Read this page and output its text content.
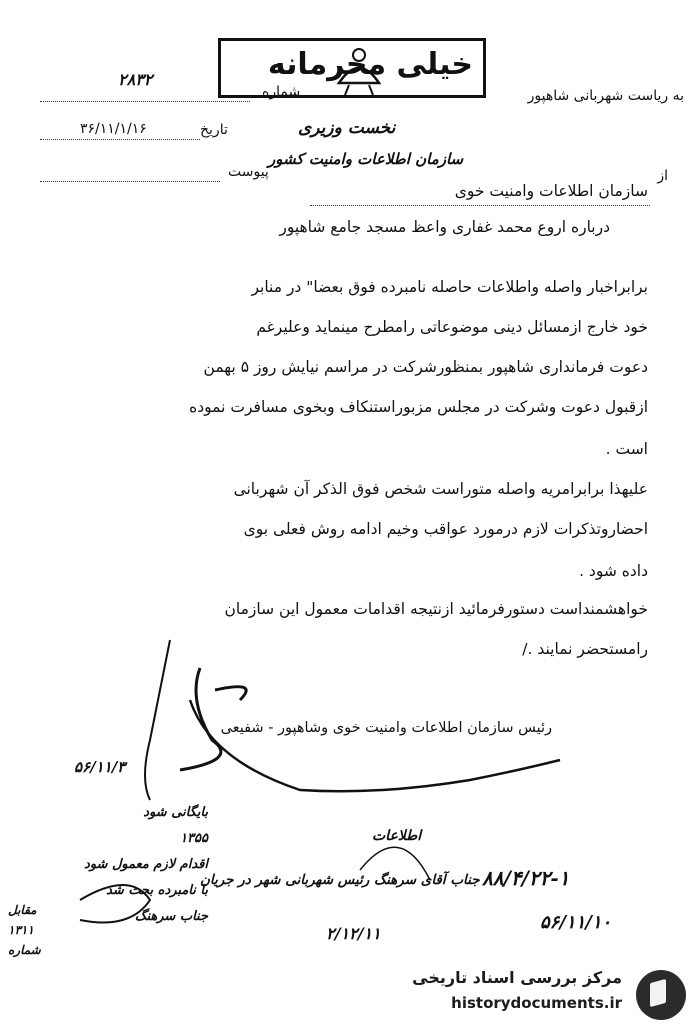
خیلی محرمانه
به ریاست شهربانی شاهپور
شماره
۲۸۳۲
تاریخ
۳۶/۱۱/۱/۱۶
پیوست
نخست وزیری
سازمان اطلاعات وامنیت کشور
از
سازمان اطلاعات وامنیت خوی
درباره اروع محمد غفاری واعظ مسجد جامع شاهپور
برابراخبار واصله واطلاعات حاصله نامبرده فوق بعضا" در منابر
خود خارج ازمسائل دینی موضوعاتی رامطرح مینماید وعلیرغم
دعوت فرمانداری شاهپور بمنظورشرکت در مراسم نیایش روز ۵ بهمن
ازقبول دعوت وشرکت در مجلس مزبوراستنکاف وبخوی مسافرت نموده
است .
علیهذا برابرامریه واصله متوراست شخص فوق الذکر آن شهربانی
احضاروتذکرات لازم درمورد عواقب وخیم ادامه روش فعلی بوی
داده شود .
خواهشمنداست دستورفرمائید ازنتیجه اقدامات معمول این سازمان
رامستحضر نمایند ./
رئیس سازمان اطلاعات وامنیت خوی وشاهپور - شفیعی
۵۶/۱۱/۳
بایگانی شود
۱۳۵۵
اقدام لازم معمول شود
با نامبرده بحث شد
جناب سرهنگ
مقابل
۱۳۱۱
شماره
اطلاعات
جناب آقای سرهنگ رئیس شهربانی شهر در جریان
۲/۱۲/۱۱
۸۸/۴/۲۲-۱
۵۶/۱۱/۱۰
مرکز بررسی اسناد تاریخی
historydocuments.ir
